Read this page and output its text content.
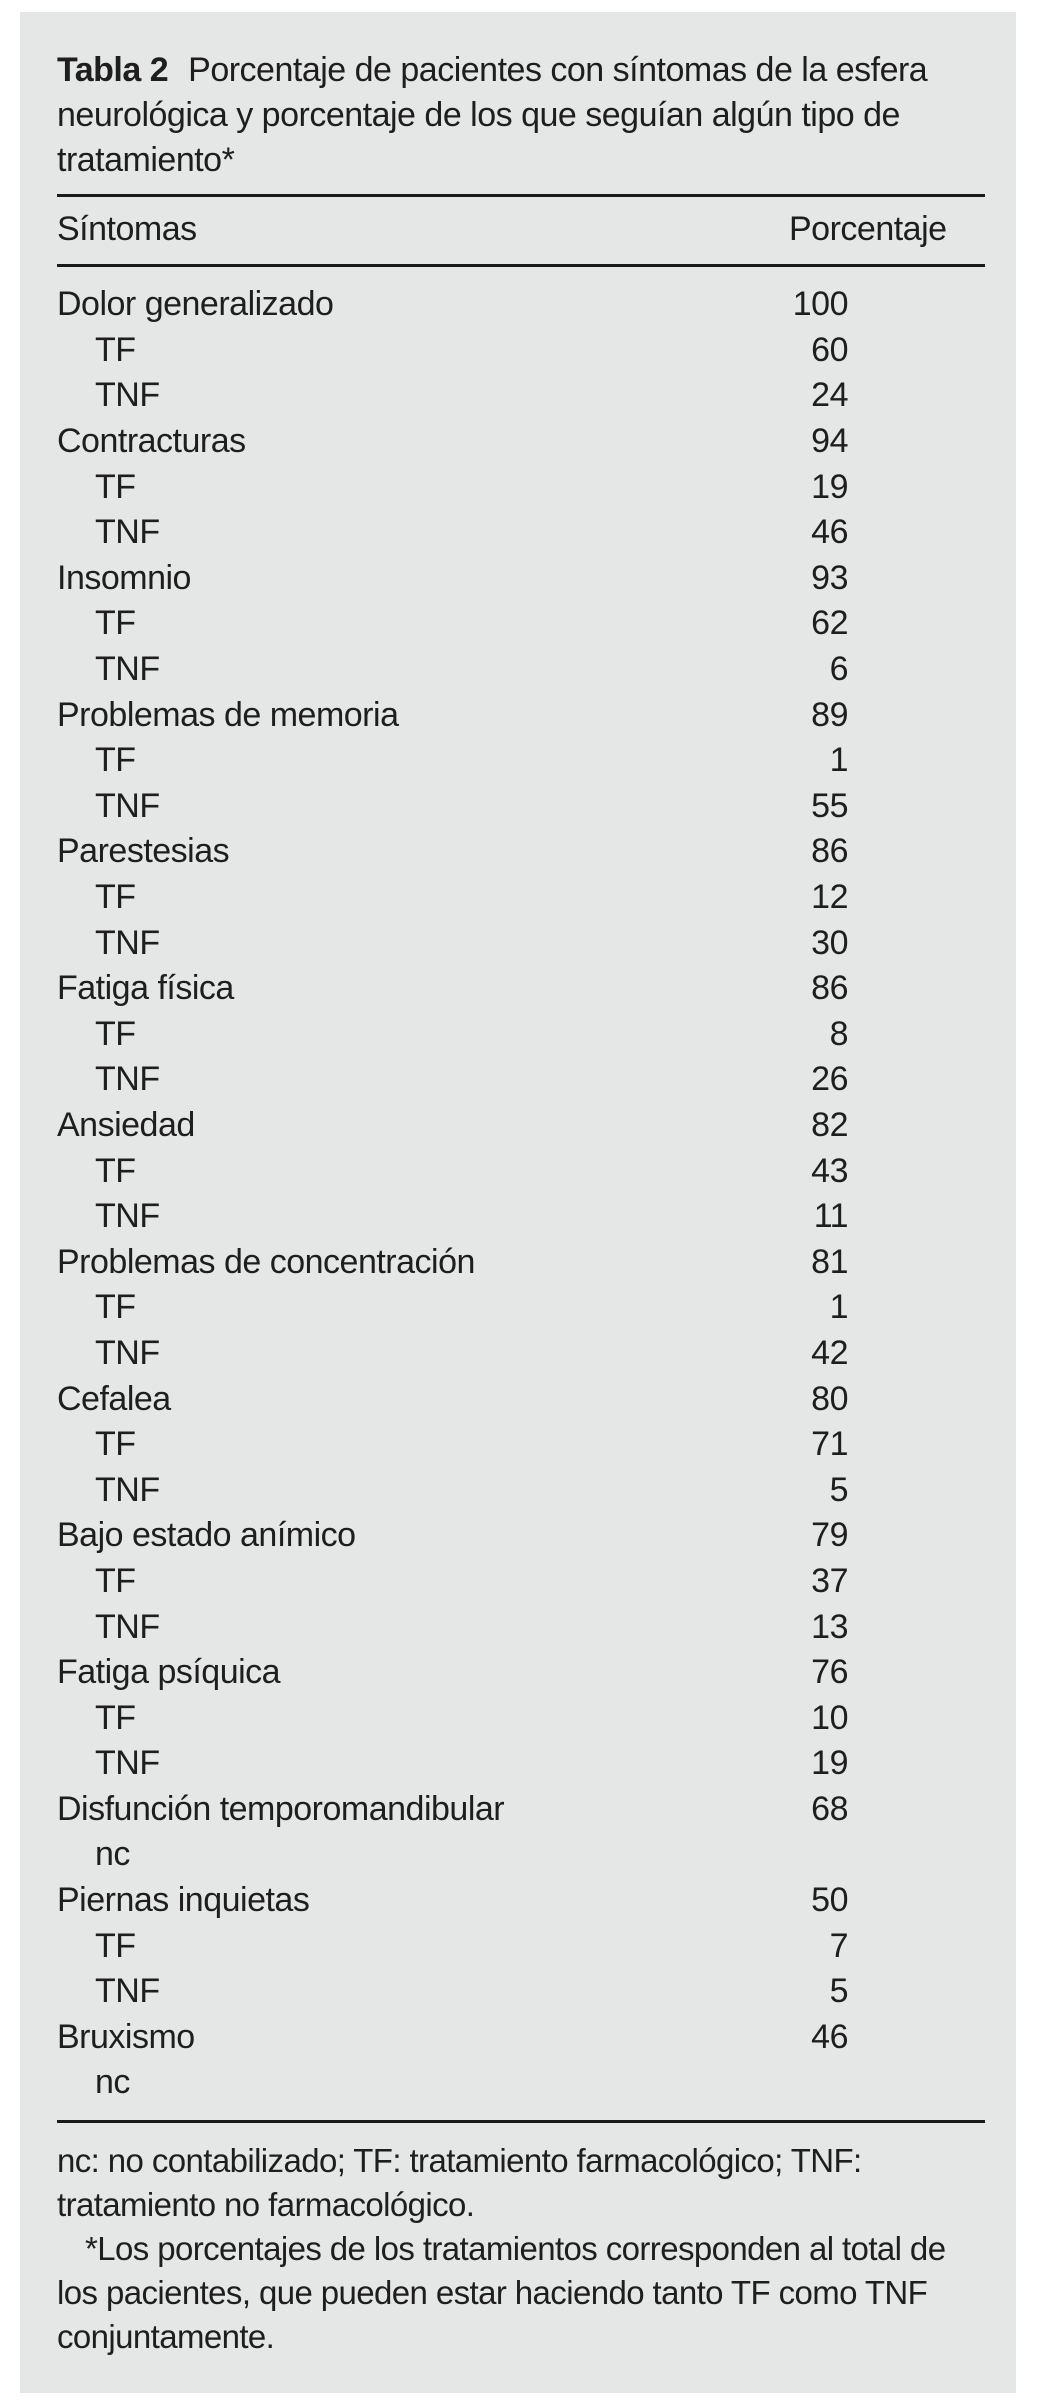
Tabla 2 Porcentaje de pacientes con síntomas de la esfera neurológica y porcentaje de los que seguían algún tipo de tratamiento*
Síntomas	Porcentaje
Dolor generalizado	100
TF	60
TNF	24
Contracturas	94
TF	19
TNF	46
Insomnio	93
TF	62
TNF	6
Problemas de memoria	89
TF	1
TNF	55
Parestesias	86
TF	12
TNF	30
Fatiga física	86
TF	8
TNF	26
Ansiedad	82
TF	43
TNF	11
Problemas de concentración	81
TF	1
TNF	42
Cefalea	80
TF	71
TNF	5
Bajo estado anímico	79
TF	37
TNF	13
Fatiga psíquica	76
TF	10
TNF	19
Disfunción temporomandibular	68
nc
Piernas inquietas	50
TF	7
TNF	5
Bruxismo	46
nc

nc: no contabilizado; TF: tratamiento farmacológico; TNF: tratamiento no farmacológico.

*Los porcentajes de los tratamientos corresponden al total de los pacientes, que pueden estar haciendo tanto TF como TNF conjuntamente.
